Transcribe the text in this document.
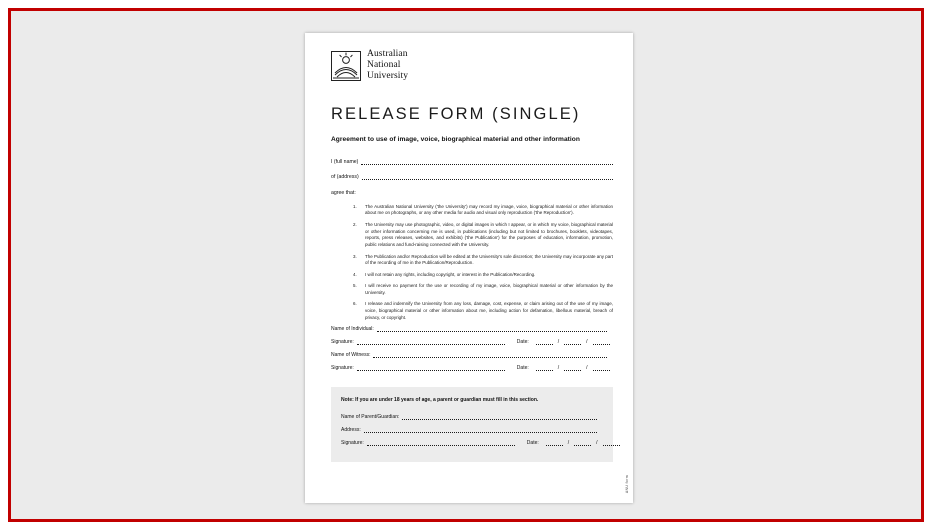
Australian
National
University
RELEASE FORM (SINGLE)

Agreement to use of image, voice, biographical material and other information

I (full name)
of (address)
agree that:
The Australian National University ('the University') may record my image, voice, biographical material or other information about me on photographs, or any other media for audio and visual only reproduction ('the Reproduction').
The University may use photographic, video, or digital images in which I appear, or in which my voice, biographical material or other information concerning me is used, in publications (including but not limited to brochures, booklets, videotapes, reports, press releases, websites, and exhibits) ('the Publication') for the purposes of education, information, promotion, public relations and fund-raising connected with the University.
The Publication and/or Reproduction will be edited at the University's sole discretion; the University may incorporate any part of the recording of me in the Publication/Reproduction.
I will not retain any rights, including copyright, or interest in the Publication/Recording.
I will receive no payment for the use or recording of my image, voice, biographical material or other information by the University.
I release and indemnify the University from any loss, damage, cost, expense, or claim arising out of the use of my image, voice, biographical material or other information about me, including action for defamation, libellous material, breach of privacy, or copyright.
Name of Individual:
Signature:	Date:	/	/
Name of Witness:
Signature:	Date:	/	/
Note: If you are under 18 years of age, a parent or guardian must fill in this section.
Name of Parent/Guardian:
Address:
Signature:	Date:	/	/
ANU form
